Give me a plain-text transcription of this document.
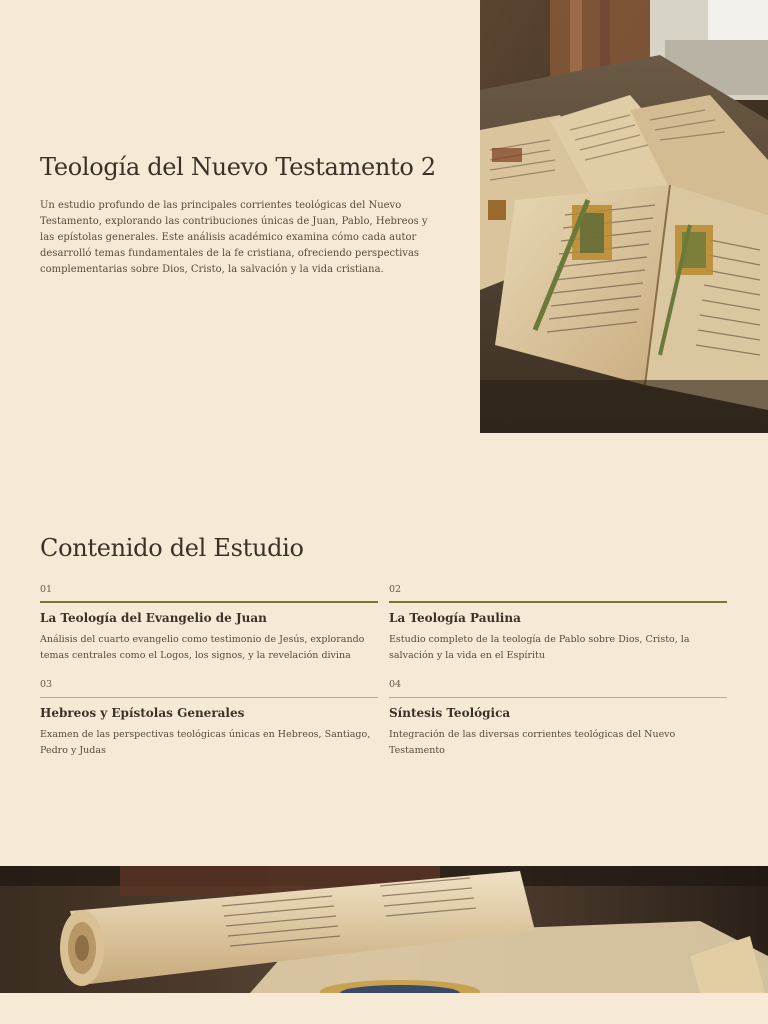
Teología del Nuevo Testamento 2

Un estudio profundo de las principales corrientes teológicas del Nuevo Testamento, explorando las contribuciones únicas de Juan, Pablo, Hebreos y las epístolas generales. Este análisis académico examina cómo cada autor desarrolló temas fundamentales de la fe cristiana, ofreciendo perspectivas complementarias sobre Dios, Cristo, la salvación y la vida cristiana.

Contenido del Estudio
01
La Teología del Evangelio de Juan
Análisis del cuarto evangelio como testimonio de Jesús, explorando temas centrales como el Logos, los signos, y la revelación divina
02
La Teología Paulina
Estudio completo de la teología de Pablo sobre Dios, Cristo, la salvación y la vida en el Espíritu
03
Hebreos y Epístolas Generales
Examen de las perspectivas teológicas únicas en Hebreos, Santiago, Pedro y Judas
04
Síntesis Teológica
Integración de las diversas corrientes teológicas del Nuevo Testamento
